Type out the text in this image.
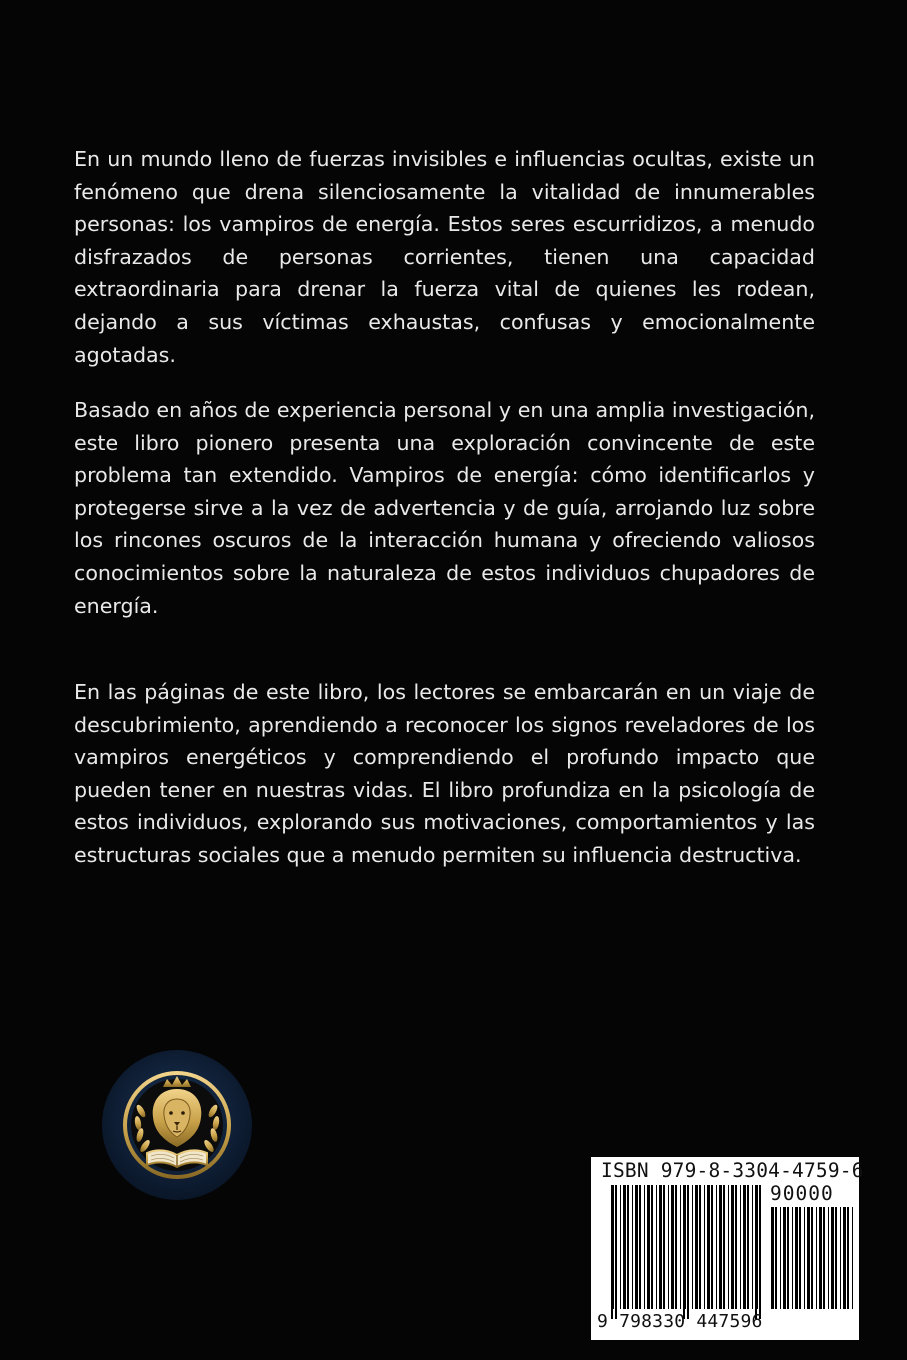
En un mundo lleno de fuerzas invisibles e influencias ocultas, existe un fenómeno que drena silenciosamente la vitalidad de innumerables personas: los vampiros de energía. Estos seres escurridizos, a menudo disfrazados de personas corrientes, tienen una capacidad extraordinaria para drenar la fuerza vital de quienes les rodean, dejando a sus víctimas exhaustas, confusas y emocionalmente agotadas.
Basado en años de experiencia personal y en una amplia investigación, este libro pionero presenta una exploración convincente de este problema tan extendido. Vampiros de energía: cómo identificarlos y protegerse sirve a la vez de advertencia y de guía, arrojando luz sobre los rincones oscuros de la interacción humana y ofreciendo valiosos conocimientos sobre la naturaleza de estos individuos chupadores de energía.
En las páginas de este libro, los lectores se embarcarán en un viaje de descubrimiento, aprendiendo a reconocer los signos reveladores de los vampiros energéticos y comprendiendo el profundo impacto que pueden tener en nuestras vidas. El libro profundiza en la psicología de estos individuos, explorando sus motivaciones, comportamientos y las estructuras sociales que a menudo permiten su influencia destructiva.
ISBN 979-8-3304-4759-6
90000
9 798330 447596
